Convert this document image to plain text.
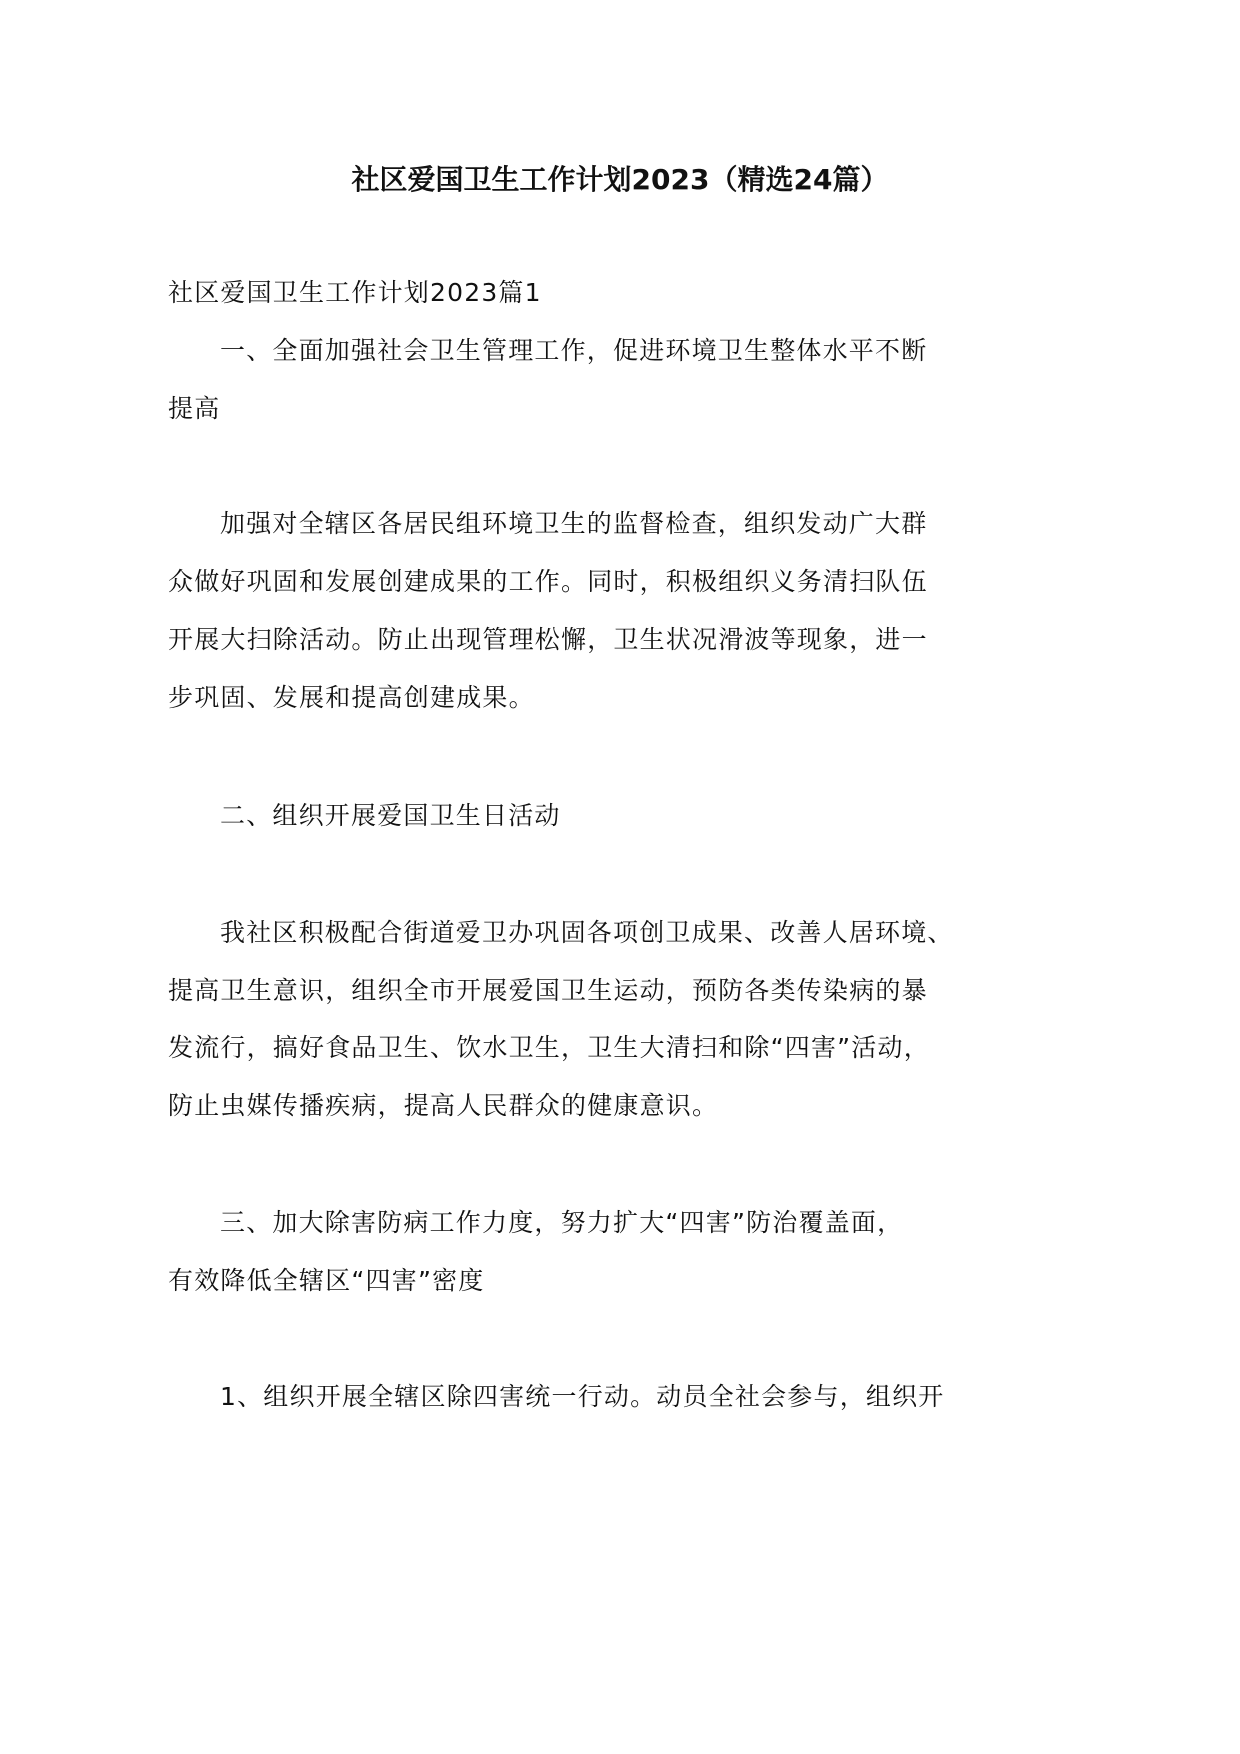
社区爱国卫生工作计划2023（精选24篇）
社区爱国卫生工作计划2023篇1
一、全面加强社会卫生管理工作，促进环境卫生整体水平不断
提高
加强对全辖区各居民组环境卫生的监督检查，组织发动广大群
众做好巩固和发展创建成果的工作。同时，积极组织义务清扫队伍
开展大扫除活动。防止出现管理松懈，卫生状况滑波等现象，进一
步巩固、发展和提高创建成果。
二、组织开展爱国卫生日活动
我社区积极配合街道爱卫办巩固各项创卫成果、改善人居环境、
提高卫生意识，组织全市开展爱国卫生运动，预防各类传染病的暴
发流行，搞好食品卫生、饮水卫生，卫生大清扫和除“四害”活动，
防止虫媒传播疾病，提高人民群众的健康意识。
三、加大除害防病工作力度，努力扩大“四害”防治覆盖面，
有效降低全辖区“四害”密度
1、组织开展全辖区除四害统一行动。动员全社会参与，组织开
